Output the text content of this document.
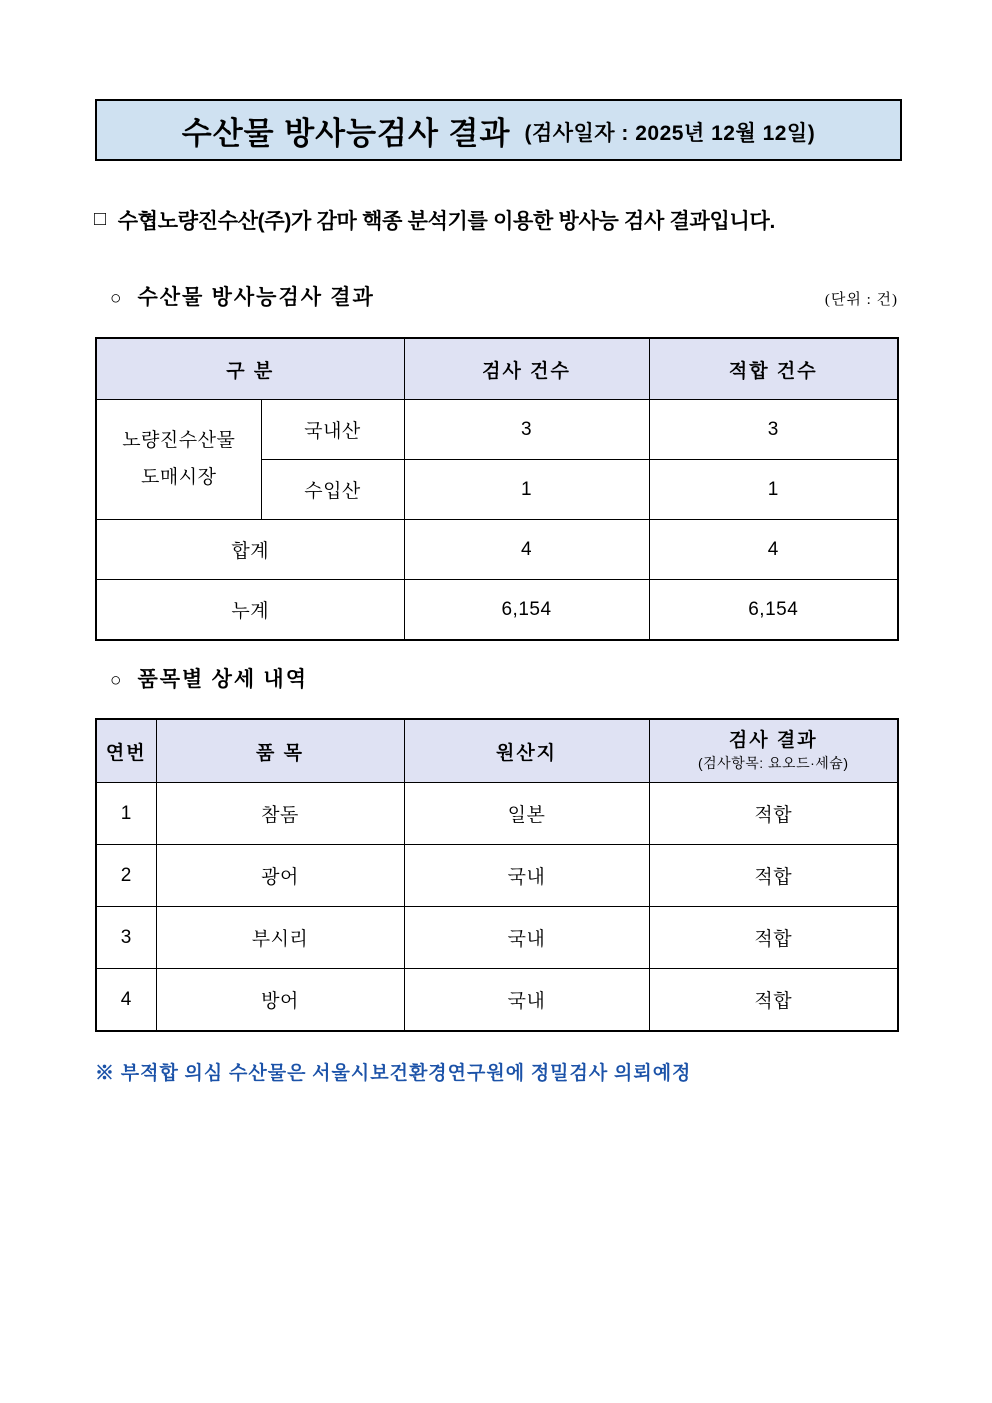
수산물 방사능검사 결과 (검사일자 : 2025년 12월 12일)
□ 수협노량진수산(주)가 감마 핵종 분석기를 이용한 방사능 검사 결과입니다.
○ 수산물 방사능검사 결과	(단위 : 건)
구 분		검사 건수	적합 건수

노량진수산물
도매시장	국내산	3	3
	수입산	1	1
합계		4	4
누계		6,154	6,154
○ 품목별 상세 내역
연번	품 목	원산지	검사 결과
(검사항목: 요오드·세슘)

1	참돔	일본	적합
2	광어	국내	적합
3	부시리	국내	적합
4	방어	국내	적합
※ 부적합 의심 수산물은 서울시보건환경연구원에 정밀검사 의뢰예정
